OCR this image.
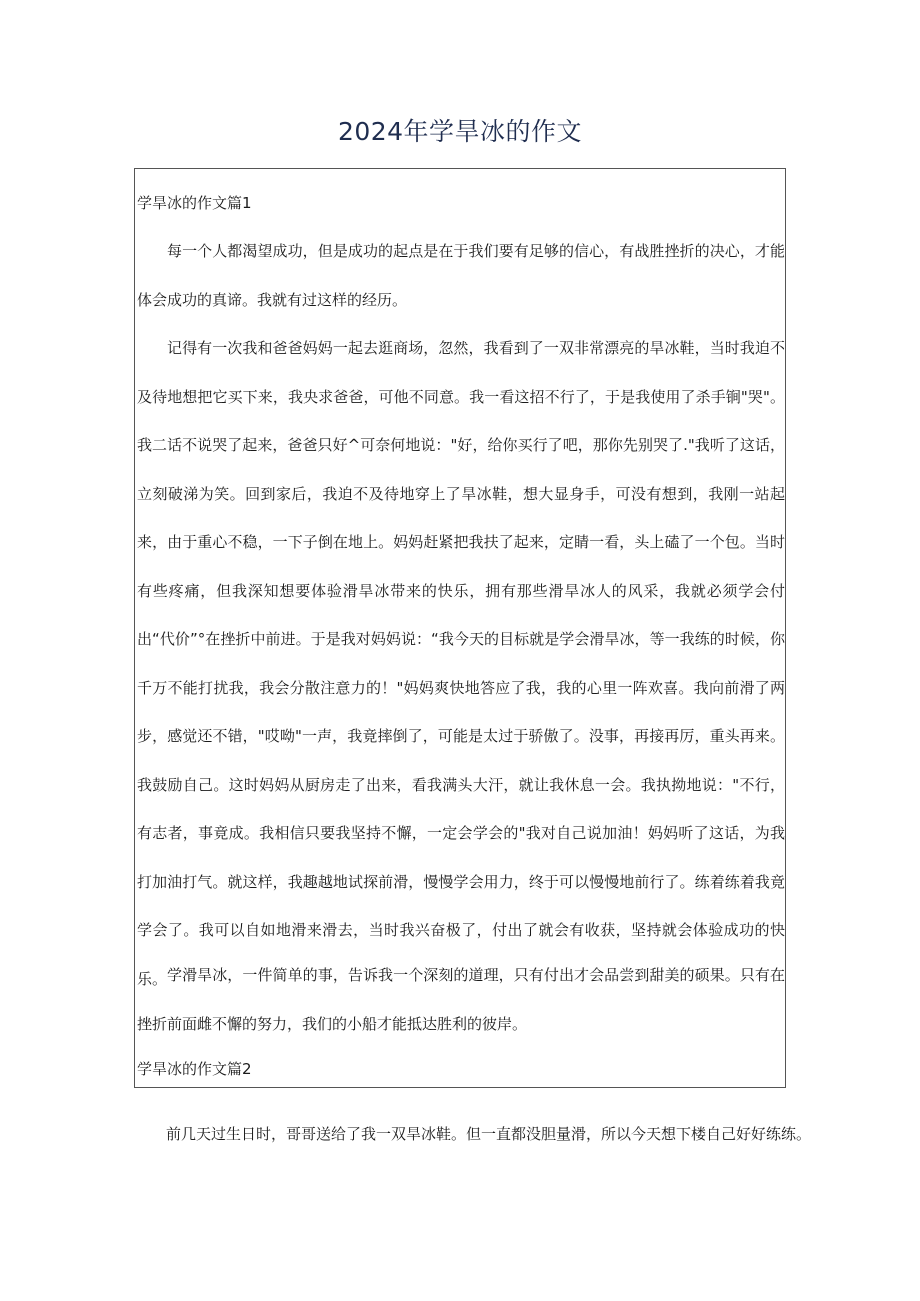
2024年学旱冰的作文
学旱冰的作文篇1

每一个人都渴望成功，但是成功的起点是在于我们要有足够的信心，有战胜挫折的决心，才能体会成功的真谛。我就有过这样的经历。

记得有一次我和爸爸妈妈一起去逛商场，忽然，我看到了一双非常漂亮的旱冰鞋，当时我迫不及待地想把它买下来，我央求爸爸，可他不同意。我一看这招不行了，于是我使用了杀手锏"哭"。我二话不说哭了起来，爸爸只好^可奈何地说："好，给你买行了吧，那你先别哭了."我听了这话，立刻破涕为笑。回到家后，我迫不及待地穿上了旱冰鞋，想大显身手，可没有想到，我刚一站起来，由于重心不稳，一下子倒在地上。妈妈赶紧把我扶了起来，定睛一看，头上磕了一个包。当时有些疼痛，但我深知想要体验滑旱冰带来的快乐，拥有那些滑旱冰人的风采，我就必须学会付出“代价”°在挫折中前进。于是我对妈妈说：“我今天的目标就是学会滑旱冰，等一我练的时候，你千万不能打扰我，我会分散注意力的！"妈妈爽快地答应了我，我的心里一阵欢喜。我向前滑了两步，感觉还不错，"哎呦"一声，我竟摔倒了，可能是太过于骄傲了。没事，再接再厉，重头再来。我鼓励自己。这时妈妈从厨房走了出来，看我满头大汗，就让我休息一会。我执拗地说："不行，有志者，事竟成。我相信只要我坚持不懈，一定会学会的"我对自己说加油！妈妈听了这话，为我打加油打气。就这样，我趣越地试探前滑，慢慢学会用力，终于可以慢慢地前行了。练着练着我竟学会了。我可以自如地滑来滑去，当时我兴奋极了，付出了就会有收获，坚持就会体验成功的快乐。 学滑旱冰，一件简单的事，告诉我一个深刻的道理，只有付出才会品尝到甜美的硕果。只有在挫折前面雌不懈的努力，我们的小船才能抵达胜利的彼岸。

学旱冰的作文篇2

前几天过生日时，哥哥送给了我一双旱冰鞋。但一直都没胆量滑，所以今天想下楼自己好好练练。
